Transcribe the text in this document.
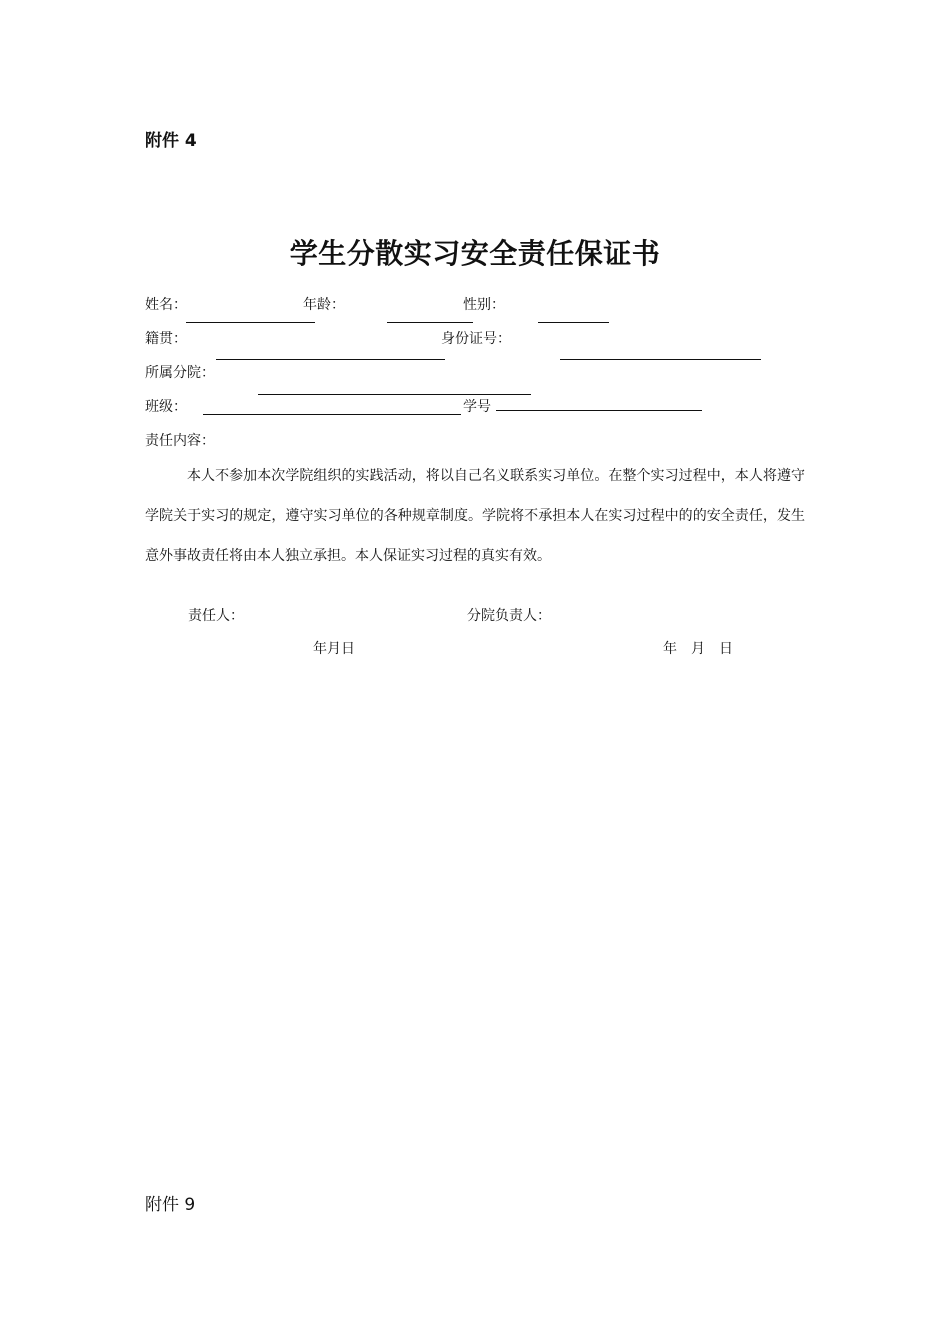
附件 4
学生分散实习安全责任保证书
姓名：	年龄：	性别：
籍贯：	身份证号：
所属分院：
班级：	学号
责任内容：
本人不参加本次学院组织的实践活动，将以自己名义联系实习单位。在整个实习过程中，本人将遵守学院关于实习的规定，遵守实习单位的各种规章制度。学院将不承担本人在实习过程中的的安全责任，发生意外事故责任将由本人独立承担。本人保证实习过程的真实有效。
责任人：	分院负责人：
年月日	年 月 日
附件 9
